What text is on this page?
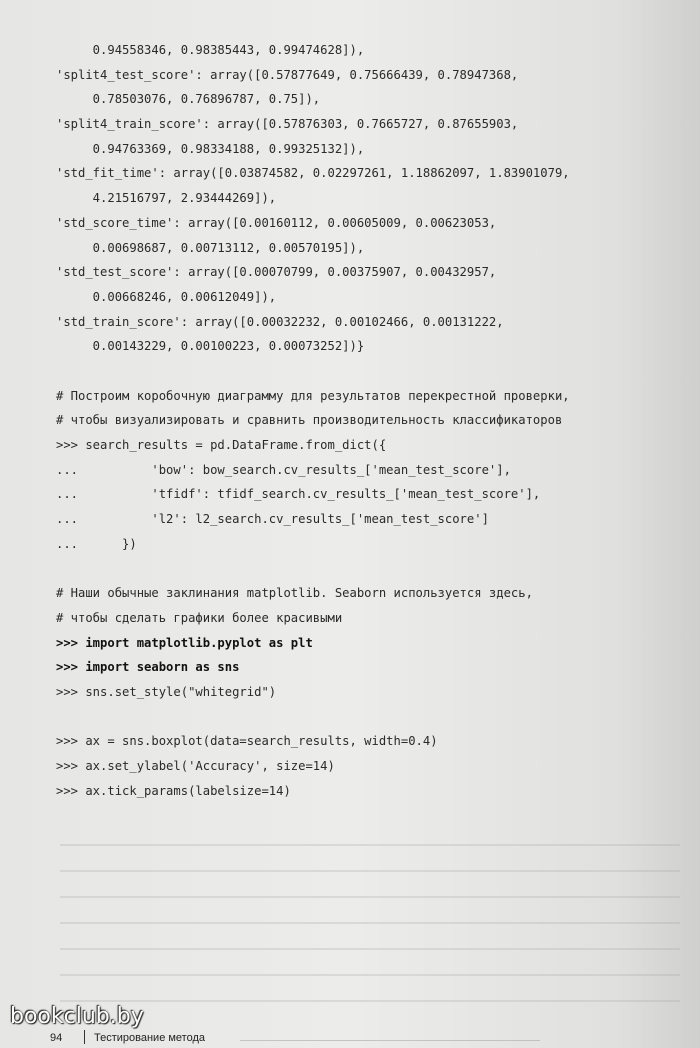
0.94558346, 0.98385443, 0.99474628]),
'split4_test_score': array([0.57877649, 0.75666439, 0.78947368,
0.78503076, 0.76896787, 0.75]),
'split4_train_score': array([0.57876303, 0.7665727, 0.87655903,
0.94763369, 0.98334188, 0.99325132]),
'std_fit_time': array([0.03874582, 0.02297261, 1.18862097, 1.83901079,
4.21516797, 2.93444269]),
'std_score_time': array([0.00160112, 0.00605009, 0.00623053,
0.00698687, 0.00713112, 0.00570195]),
'std_test_score': array([0.00070799, 0.00375907, 0.00432957,
0.00668246, 0.00612049]),
'std_train_score': array([0.00032232, 0.00102466, 0.00131222,
0.00143229, 0.00100223, 0.00073252])}
# Построим коробочную диаграмму для результатов перекрестной проверки,
# чтобы визуализировать и сравнить производительность классификаторов
>>> search_results = pd.DataFrame.from_dict({
...          'bow': bow_search.cv_results_['mean_test_score'],
...          'tfidf': tfidf_search.cv_results_['mean_test_score'],
...          'l2': l2_search.cv_results_['mean_test_score']
...      })
# Наши обычные заклинания matplotlib. Seaborn используется здесь,
# чтобы сделать графики более красивыми
>>> import matplotlib.pyplot as plt
>>> import seaborn as sns
>>> sns.set_style("whitegrid")
>>> ax = sns.boxplot(data=search_results, width=0.4)
>>> ax.set_ylabel('Accuracy', size=14)
>>> ax.tick_params(labelsize=14)
bookclub.by
94	Тестирование метода
